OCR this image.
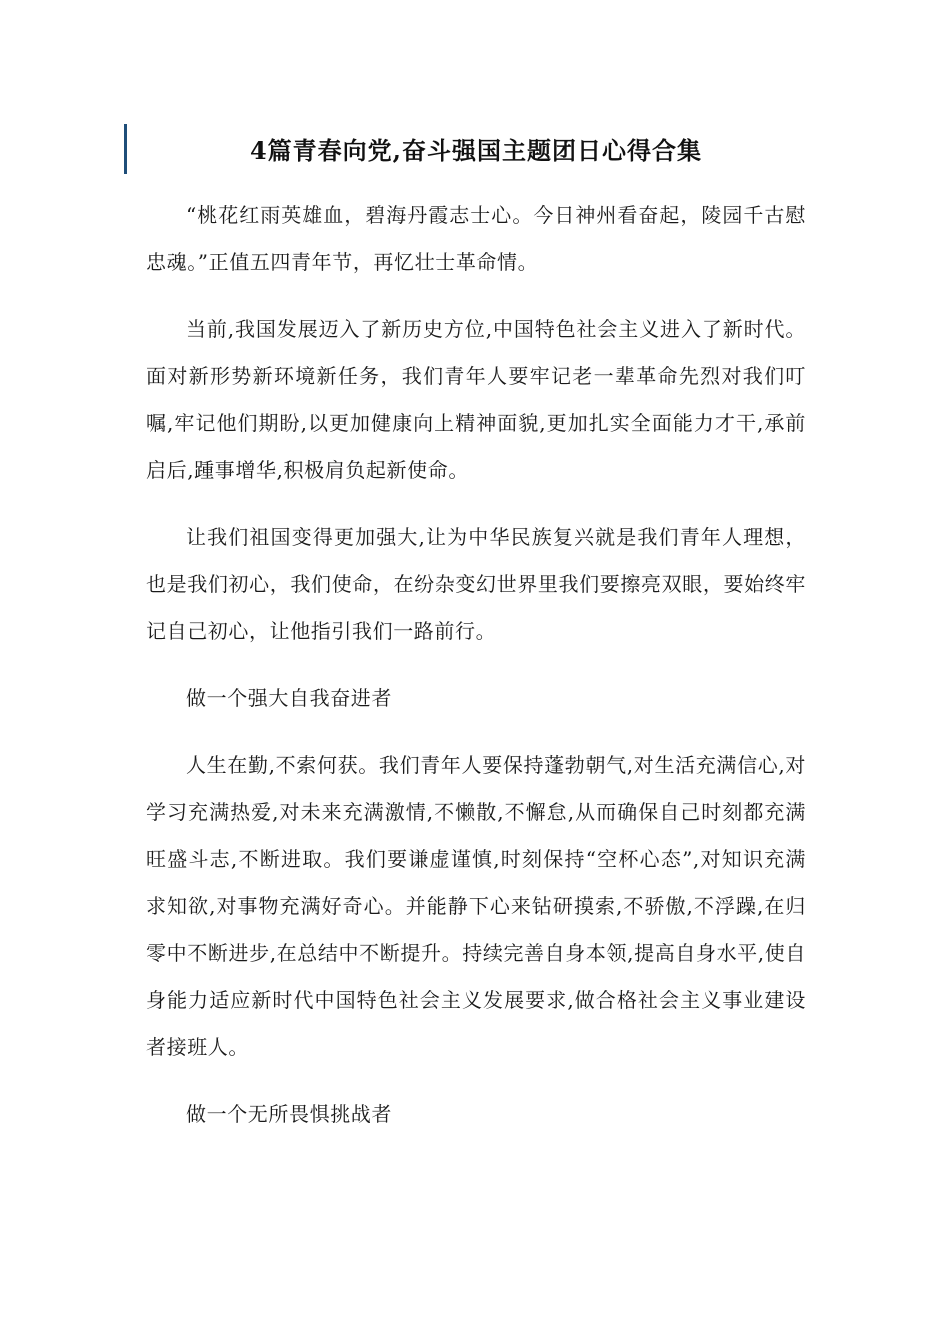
4篇青春向党,奋斗强国主题团日心得合集

“桃花红雨英雄血，碧海丹霞志士心。今日神州看奋起，陵园千古慰忠魂。”正值五四青年节，再忆壮士革命情。

当前,我国发展迈入了新历史方位,中国特色社会主义进入了新时代。面对新形势新环境新任务，我们青年人要牢记老一辈革命先烈对我们叮嘱,牢记他们期盼,以更加健康向上精神面貌,更加扎实全面能力才干,承前启后,踵事增华,积极肩负起新使命。

让我们祖国变得更加强大,让为中华民族复兴就是我们青年人理想，也是我们初心，我们使命，在纷杂变幻世界里我们要擦亮双眼，要始终牢记自己初心，让他指引我们一路前行。

做一个强大自我奋进者

人生在勤,不索何获。我们青年人要保持蓬勃朝气,对生活充满信心,对学习充满热爱,对未来充满激情,不懒散,不懈怠,从而确保自己时刻都充满旺盛斗志,不断进取。我们要谦虚谨慎,时刻保持“空杯心态”,对知识充满求知欲,对事物充满好奇心。并能静下心来钻研摸索,不骄傲,不浮躁,在归零中不断进步,在总结中不断提升。持续完善自身本领,提高自身水平,使自身能力适应新时代中国特色社会主义发展要求,做合格社会主义事业建设者接班人。

做一个无所畏惧挑战者
